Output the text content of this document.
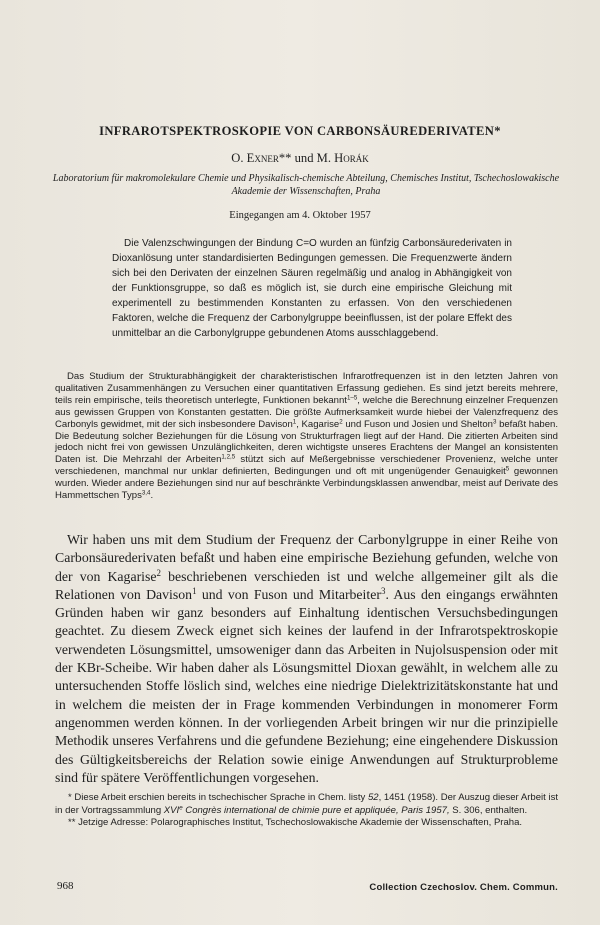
INFRAROTSPEKTROSKOPIE VON CARBONSÄUREDERIVATEN*
O. Exner** und M. Horák
Laboratorium für makromolekulare Chemie und Physikalisch-chemische Abteilung, Chemisches Institut, Tschechoslowakische Akademie der Wissenschaften, Praha
Eingegangen am 4. Oktober 1957
Die Valenzschwingungen der Bindung C=O wurden an fünfzig Carbonsäurederivaten in Dioxanlösung unter standardisierten Bedingungen gemessen. Die Frequenzwerte ändern sich bei den Derivaten der einzelnen Säuren regelmäßig und analog in Abhängigkeit von der Funktionsgruppe, so daß es möglich ist, sie durch eine empirische Gleichung mit experimentell zu bestimmenden Konstanten zu erfassen. Von den verschiedenen Faktoren, welche die Frequenz der Carbonylgruppe beeinflussen, ist der polare Effekt des unmittelbar an die Carbonylgruppe gebundenen Atoms ausschlaggebend.
Das Studium der Strukturabhängigkeit der charakteristischen Infrarotfrequenzen ist in den letzten Jahren von qualitativen Zusammenhängen zu Versuchen einer quantitativen Erfassung gediehen. Es sind jetzt bereits mehrere, teils rein empirische, teils theoretisch unterlegte, Funktionen bekannt$^{1-5}$, welche die Berechnung einzelner Frequenzen aus gewissen Gruppen von Konstanten gestatten. Die größte Aufmerksamkeit wurde hiebei der Valenzfrequenz des Carbonyls gewidmet, mit der sich insbesondere Davison$^1$, Kagarise$^2$ und Fuson und Josien und Shelton$^3$ befaßt haben. Die Bedeutung solcher Beziehungen für die Lösung von Strukturfragen liegt auf der Hand. Die zitierten Arbeiten sind jedoch nicht frei von gewissen Unzulänglichkeiten, deren wichtigste unseres Erachtens der Mangel an konsistenten Daten ist. Die Mehrzahl der Arbeiten$^{1,2,5}$ stützt sich auf Meßergebnisse verschiedener Provenienz, welche unter verschiedenen, manchmal nur unklar definierten, Bedingungen und oft mit ungenügender Genauigkeit$^5$ gewonnen wurden. Wieder andere Beziehungen sind nur auf beschränkte Verbindungsklassen anwendbar, meist auf Derivate des Hammettschen Typs$^{3,4}$.
Wir haben uns mit dem Studium der Frequenz der Carbonylgruppe in einer Reihe von Carbonsäurederivaten befaßt und haben eine empirische Beziehung gefunden, welche von der von Kagarise$^2$ beschriebenen verschieden ist und welche allgemeiner gilt als die Relationen von Davison$^1$ und von Fuson und Mitarbeiter$^3$. Aus den eingangs erwähnten Gründen haben wir ganz besonders auf Einhaltung identischen Versuchsbedingungen geachtet. Zu diesem Zweck eignet sich keines der laufend in der Infrarotspektroskopie verwendeten Lösungsmittel, umsoweniger dann das Arbeiten in Nujolsuspension oder mit der KBr-Scheibe. Wir haben daher als Lösungsmittel Dioxan gewählt, in welchem alle zu untersuchenden Stoffe löslich sind, welches eine niedrige Dielektrizitätskonstante hat und in welchem die meisten der in Frage kommenden Verbindungen in monomerer Form angenommen werden können. In der vorliegenden Arbeit bringen wir nur die prinzipielle Methodik unseres Verfahrens und die gefundene Beziehung; eine eingehendere Diskussion des Gültigkeitsbereichs der Relation sowie einige Anwendungen auf Strukturprobleme sind für spätere Veröffentlichungen vorgesehen.

* Diese Arbeit erschien bereits in tschechischer Sprache in Chem. listy 52, 1451 (1958). Der Auszug dieser Arbeit ist in der Vortragssammlung XVIe Congrès international de chimie pure et appliquée, Paris 1957, S. 306, enthalten.

** Jetzige Adresse: Polarographisches Institut, Tschechoslowakische Akademie der Wissenschaften, Praha.

968	Collection Czechoslov. Chem. Commun.
